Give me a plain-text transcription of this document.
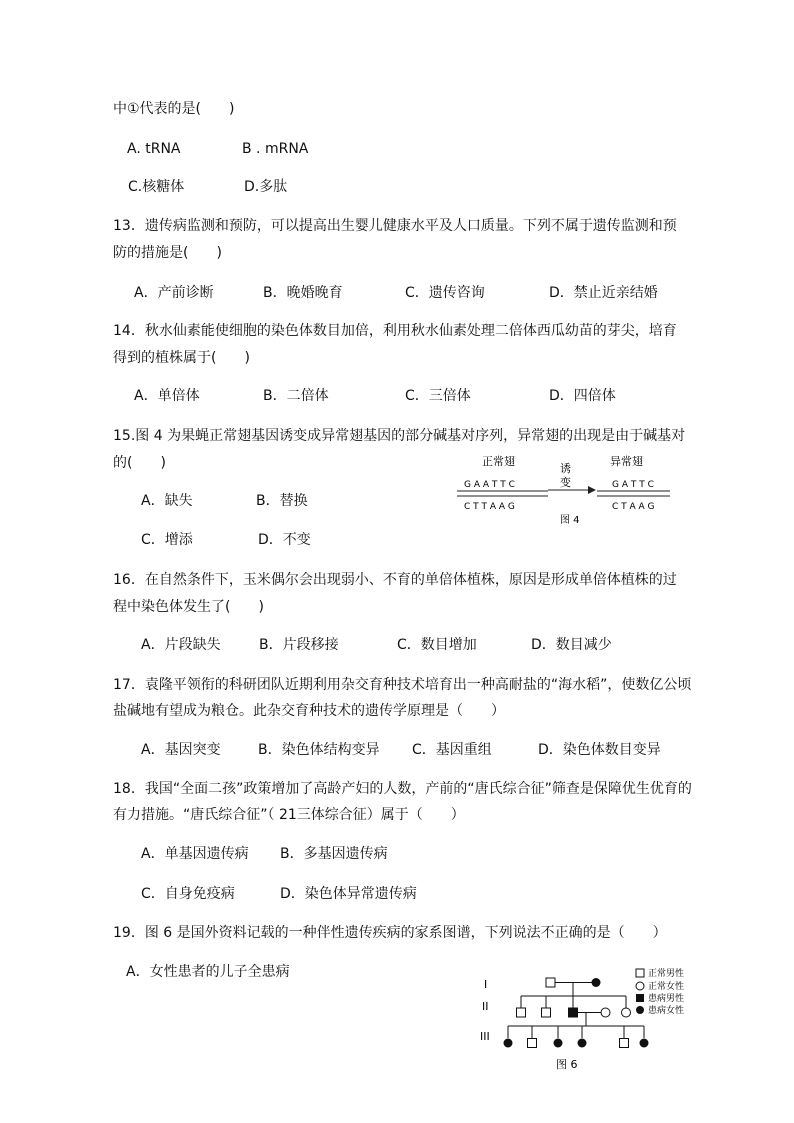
中①代表的是(　　)
A. tRNA	B . mRNA
C.核糖体	D.多肽
13．遗传病监测和预防，可以提高出生婴儿健康水平及人口质量。下列不属于遗传监测和预
防的措施是(　　)
A．产前诊断	B．晚婚晚育	C．遗传咨询	D．禁止近亲结婚
14．秋水仙素能使细胞的染色体数目加倍，利用秋水仙素处理二倍体西瓜幼苗的芽尖，培育
得到的植株属于(　　)
A．单倍体	B．二倍体	C．三倍体	D．四倍体
15.图 4 为果蝇正常翅基因诱变成异常翅基因的部分碱基对序列，异常翅的出现是由于碱基对
的(　　)
A．缺失	B．替换
C．增添	D．不变
正常翅	异常翅
诱
变
G A A T T C
C T T A A G
G A T T C
C T A A G
图 4
16．在自然条件下，玉米偶尔会出现弱小、不育的单倍体植株，原因是形成单倍体植株的过
程中染色体发生了(　　)
A．片段缺失	B．片段移接	C．数目增加	D．数目减少
17．袁隆平领衔的科研团队近期利用杂交育种技术培育出一种高耐盐的“海水稻”，使数亿公顷
盐碱地有望成为粮仓。此杂交育种技术的遗传学原理是（　　）
A．基因突变	B．染色体结构变异 C．基因重组	D．染色体数目变异
18．我国“全面二孩”政策增加了高龄产妇的人数，产前的“唐氏综合征”筛查是保障优生优育的
有力措施。“唐氏综合征”（ 21三体综合征）属于（　　）
A．单基因遗传病 B．多基因遗传病
C．自身免疫病	D．染色体异常遗传病
19．图 6 是国外资料记载的一种伴性遗传疾病的家系图谱，下列说法不正确的是（　　）
A．女性患者的儿子全患病
I
II
III
正常男性
正常女性
患病男性
患病女性
图 6
